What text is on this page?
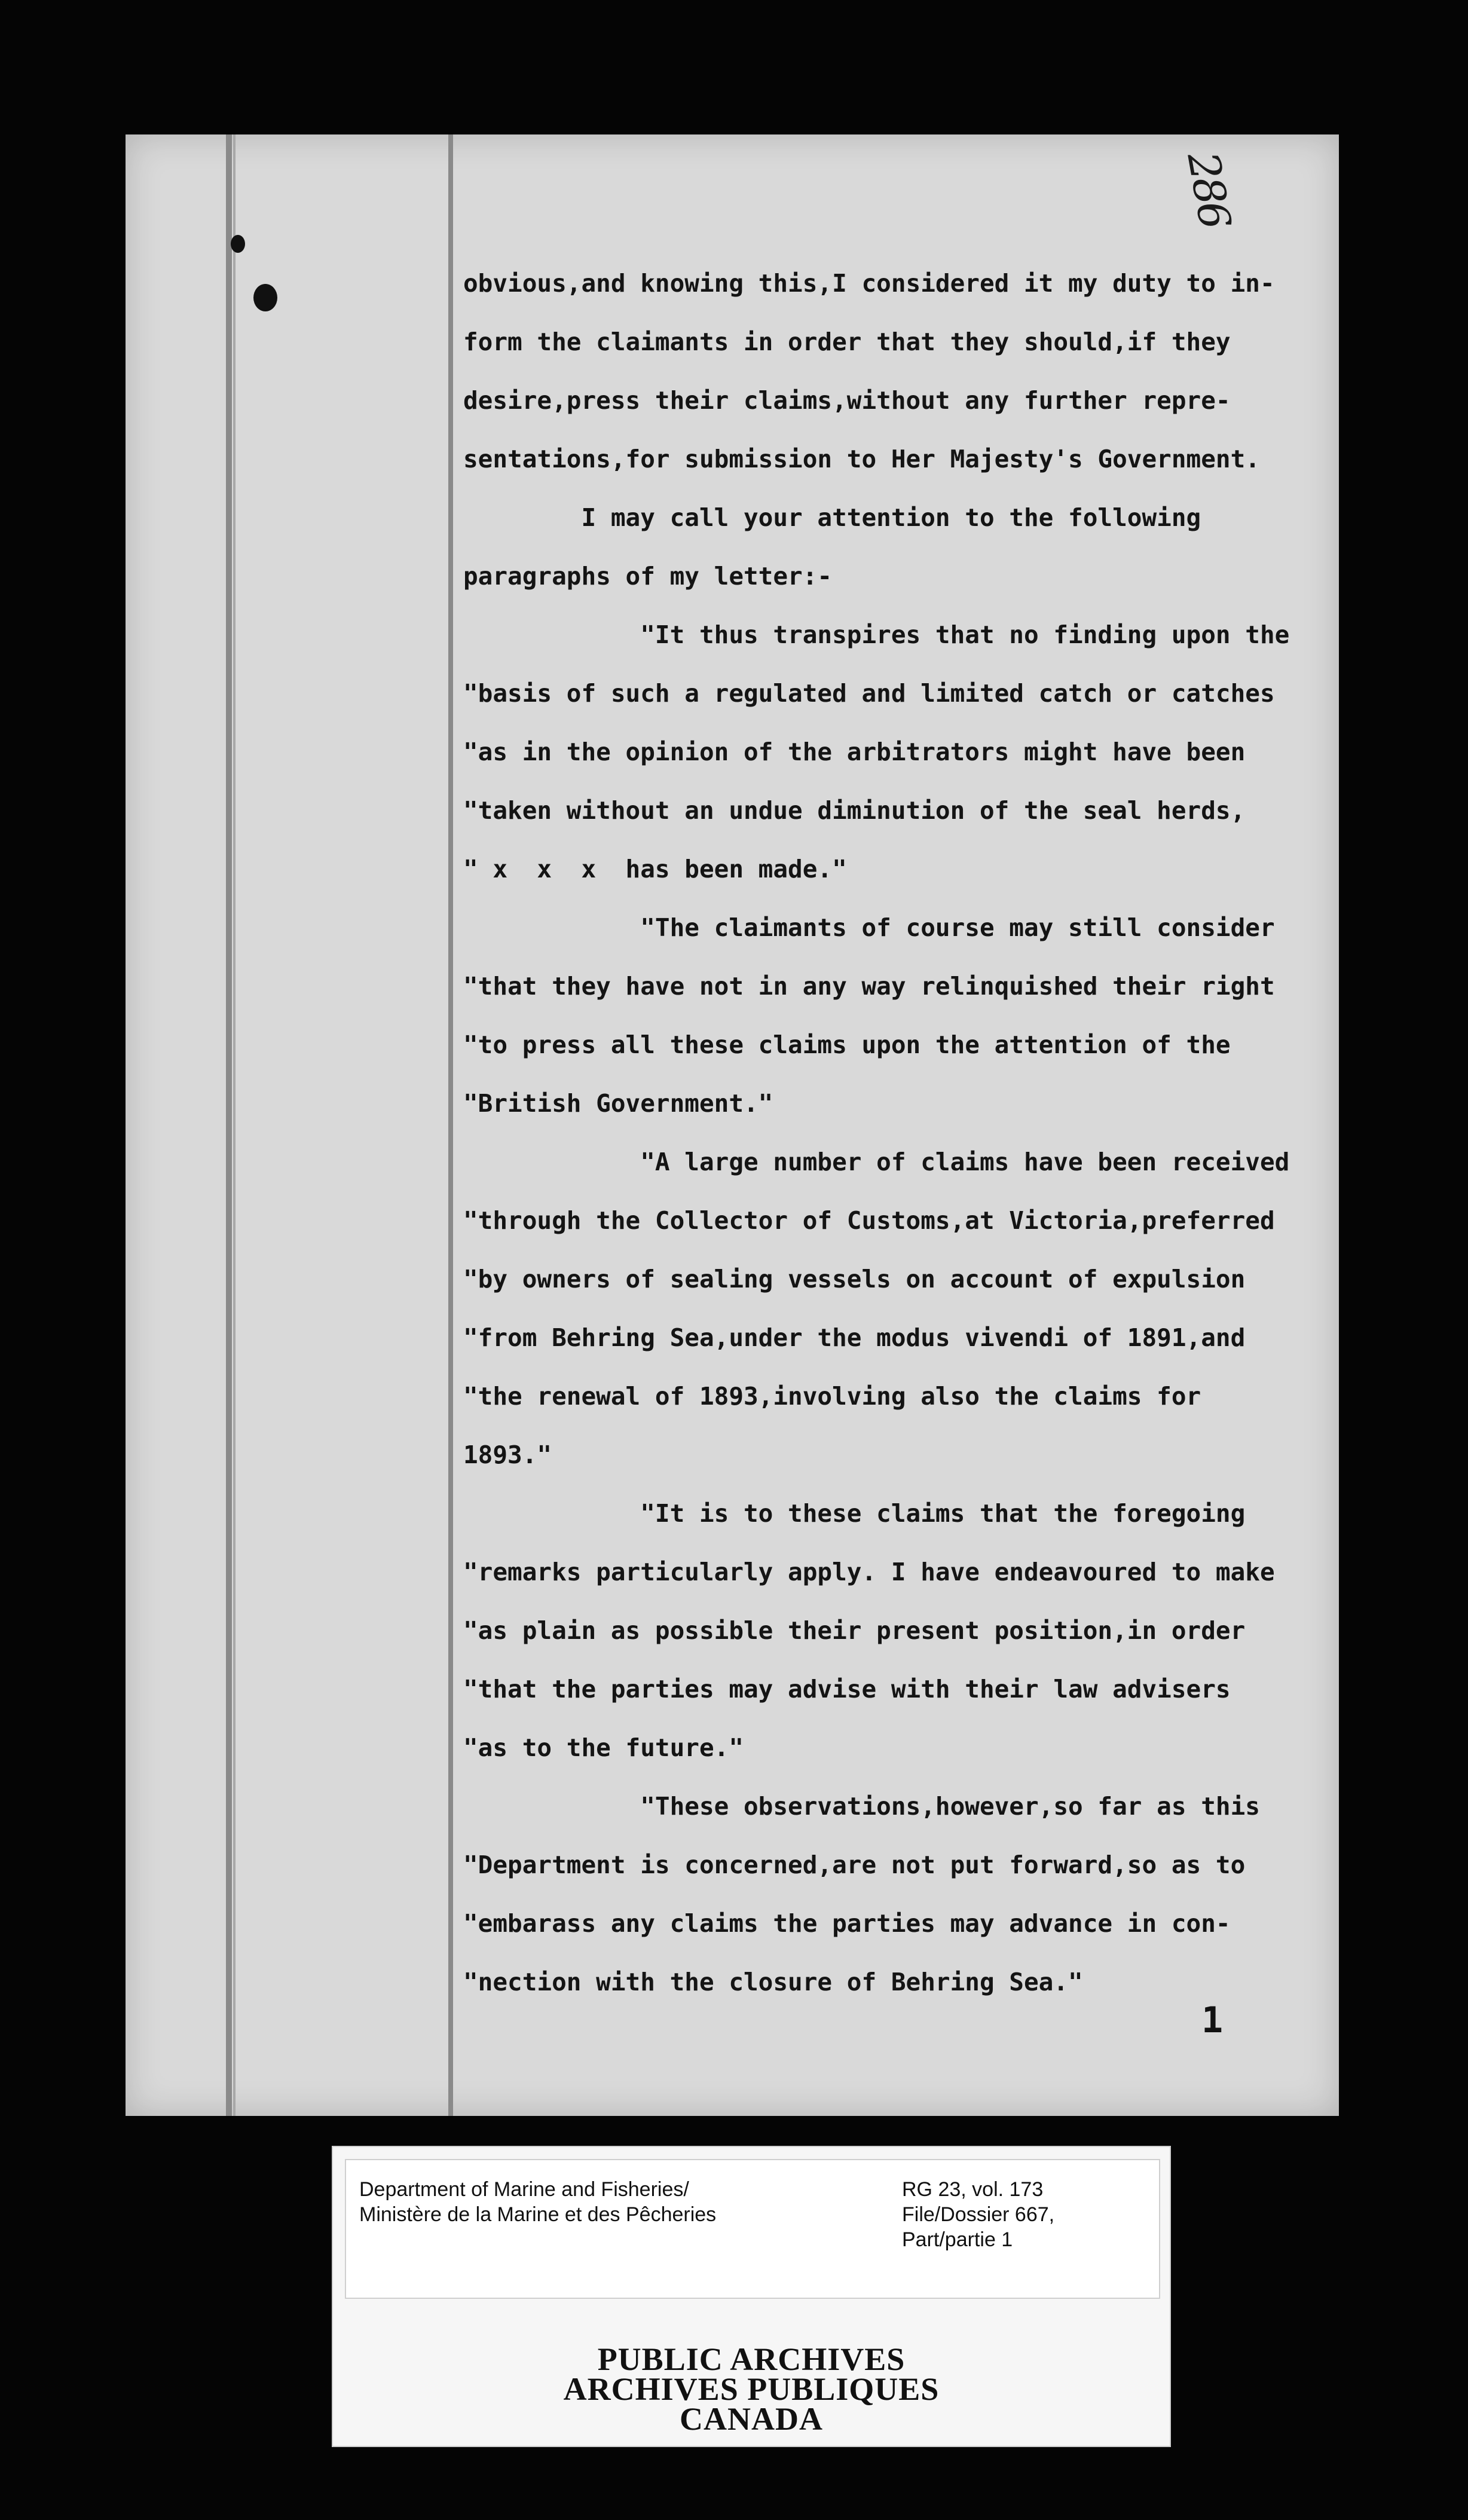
286
obvious,and knowing this,I considered it my duty to in-
form the claimants in order that they should,if they
desire,press their claims,without any further repre-
sentations,for submission to Her Majesty's Government.
I may call your attention to the following
paragraphs of my letter:-
"It thus transpires that no finding upon the
"basis of such a regulated and limited catch or catches
"as in the opinion of the arbitrators might have been
"taken without an undue diminution of the seal herds,
" x  x  x  has been made."
"The claimants of course may still consider
"that they have not in any way relinquished their right
"to press all these claims upon the attention of the
"British Government."
"A large number of claims have been received
"through the Collector of Customs,at Victoria,preferred
"by owners of sealing vessels on account of expulsion
"from Behring Sea,under the modus vivendi of 1891,and
"the renewal of 1893,involving also the claims for
1893."
"It is to these claims that the foregoing
"remarks particularly apply. I have endeavoured to make
"as plain as possible their present position,in order
"that the parties may advise with their law advisers
"as to the future."
"These observations,however,so far as this
"Department is concerned,are not put forward,so as to
"embarass any claims the parties may advance in con-
"nection with the closure of Behring Sea."
1
Department of Marine and Fisheries/
Ministère de la Marine et des Pêcheries
RG 23, vol. 173
File/Dossier 667,
Part/partie 1
PUBLIC ARCHIVES
ARCHIVES PUBLIQUES
CANADA
